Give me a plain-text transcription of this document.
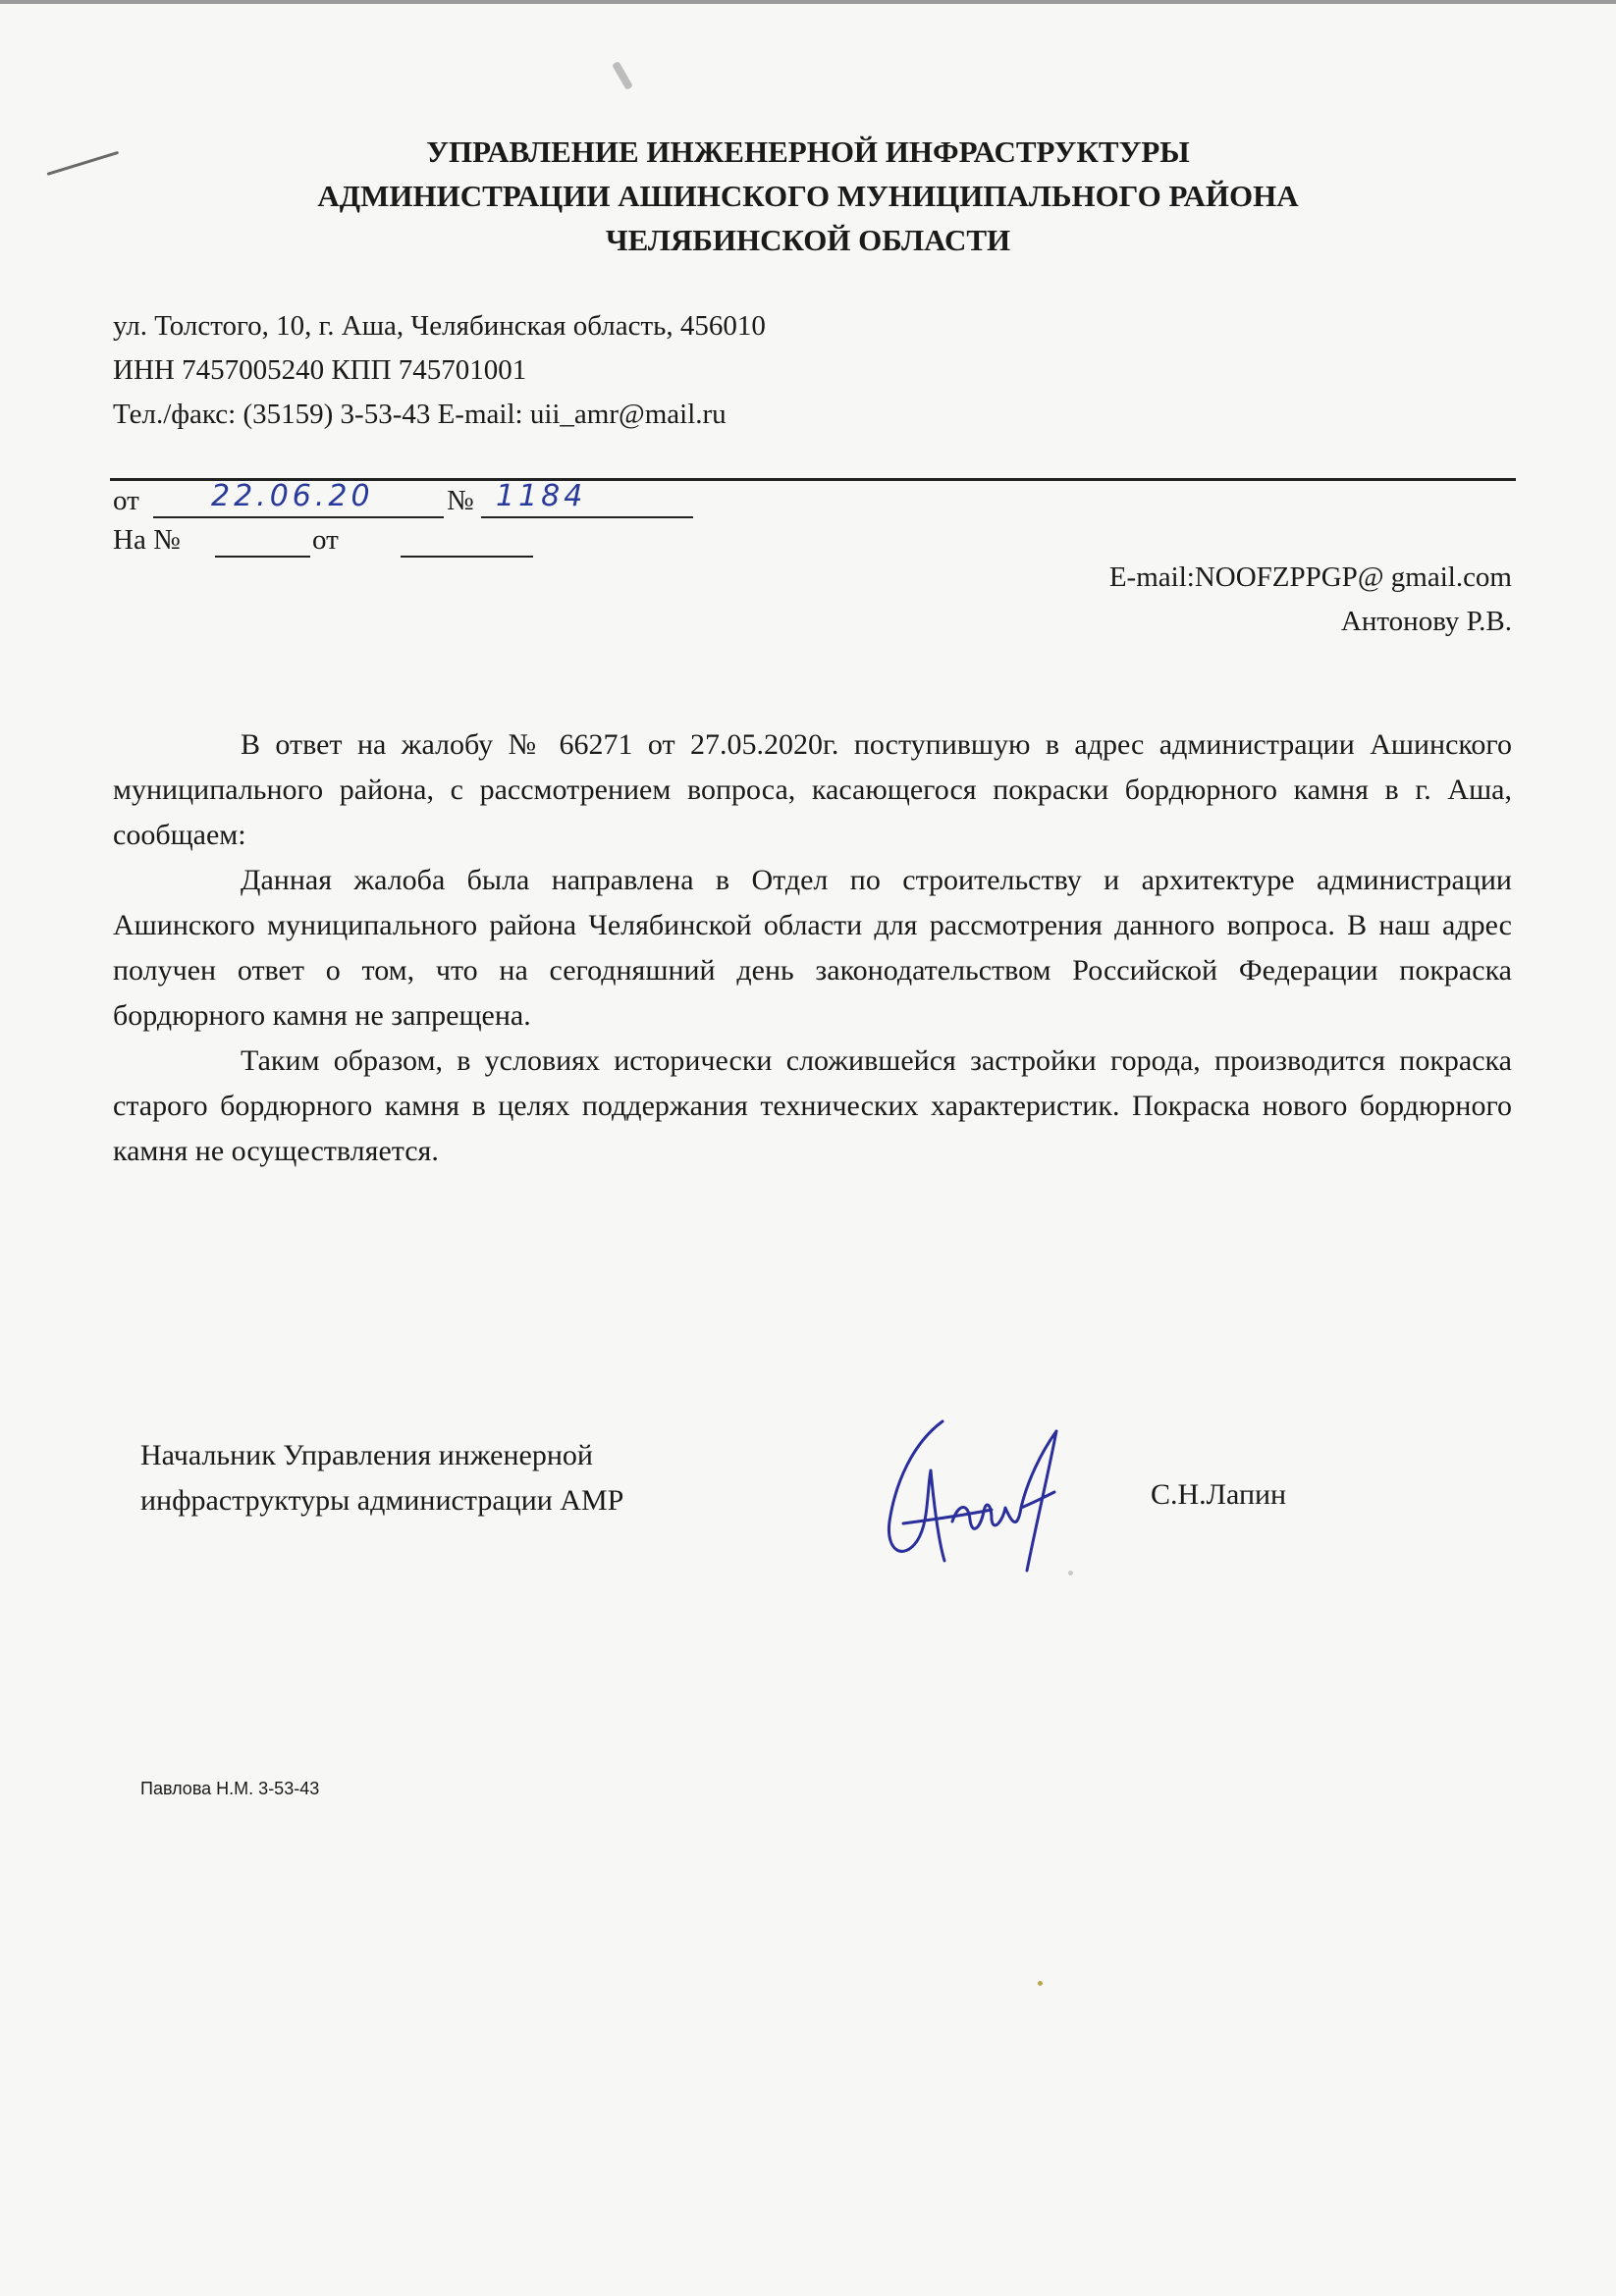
УПРАВЛЕНИЕ ИНЖЕНЕРНОЙ ИНФРАСТРУКТУРЫ
АДМИНИСТРАЦИИ АШИНСКОГО МУНИЦИПАЛЬНОГО РАЙОНА
ЧЕЛЯБИНСКОЙ ОБЛАСТИ
ул. Толстого, 10, г. Аша, Челябинская область, 456010
ИНН 7457005240 КПП 745701001
Тел./факс: (35159) 3-53-43 E-mail: uii_amr@mail.ru
от 22.06.20	№ 1184
На №	от
E-mail:NOOFZPPGP@ gmail.com
Антонову Р.В.

В ответ на жалобу № 66271 от 27.05.2020г. поступившую в адрес администрации Ашинского муниципального района, с рассмотрением вопроса, касающегося покраски бордюрного камня в г. Аша, сообщаем:

Данная жалоба была направлена в Отдел по строительству и архитектуре администрации Ашинского муниципального района Челябинской области для рассмотрения данного вопроса. В наш адрес получен ответ о том, что на сегодняшний день законодательством Российской Федерации покраска бордюрного камня не запрещена.

Таким образом, в условиях исторически сложившейся застройки города, производится покраска старого бордюрного камня в целях поддержания технических характеристик. Покраска нового бордюрного камня не осуществляется.

Начальник Управления инженерной
инфраструктуры администрации АМР	С.Н.Лапин
Павлова Н.М. 3-53-43
